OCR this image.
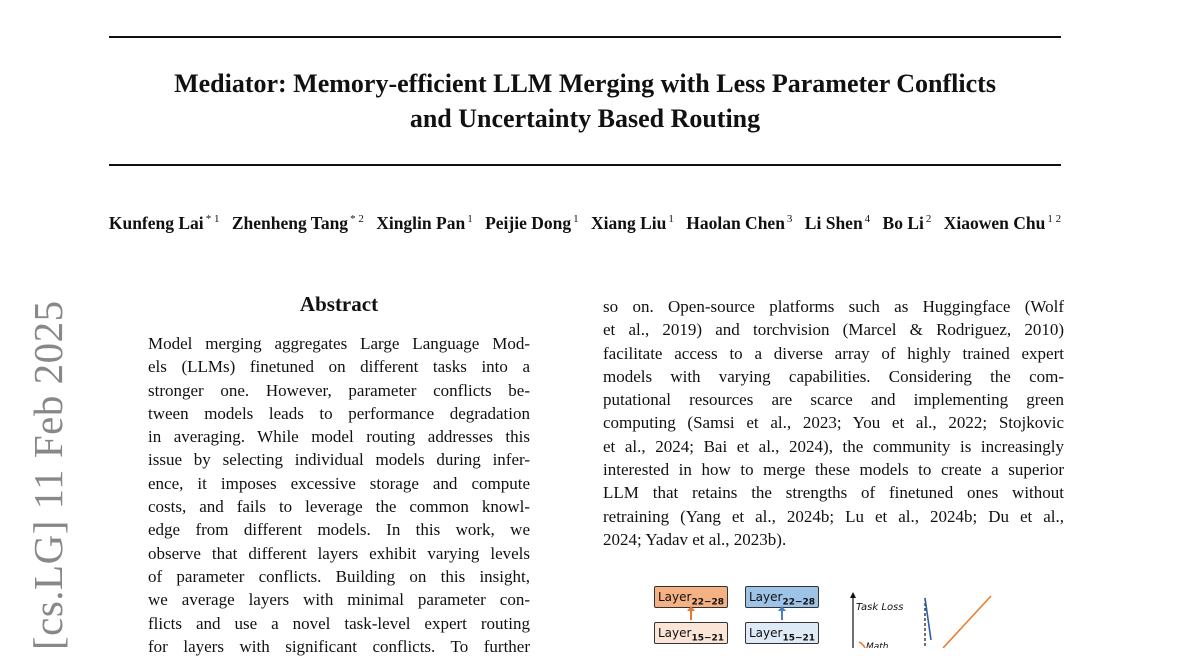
Mediator: Memory-efficient LLM Merging with Less Parameter Conflicts
and Uncertainty Based Routing
Kunfeng Lai $^{* 1}$ Zhenheng Tang $^{* 2}$ Xinglin Pan $^1$ Peijie Dong $^1$ Xiang Liu $^1$ Haolan Chen $^3$ Li Shen $^4$ Bo Li $^2$ Xiaowen Chu $^{1 2}$
[cs.LG] 11 Feb 2025	Abstract
Model merging aggregates Large Language Mod-
els (LLMs) finetuned on different tasks into a
stronger one. However, parameter conflicts be-
tween models leads to performance degradation
in averaging. While model routing addresses this
issue by selecting individual models during infer-
ence, it imposes excessive storage and compute
costs, and fails to leverage the common knowl-
edge from different models. In this work, we
observe that different layers exhibit varying levels
of parameter conflicts. Building on this insight,
we average layers with minimal parameter con-
flicts and use a novel task-level expert routing
for layers with significant conflicts. To further
so on. Open-source platforms such as Huggingface (Wolf
et al., 2019) and torchvision (Marcel & Rodriguez, 2010)
facilitate access to a diverse array of highly trained expert
models with varying capabilities. Considering the com-
putational resources are scarce and implementing green
computing (Samsi et al., 2023; You et al., 2022; Stojkovic
et al., 2024; Bai et al., 2024), the community is increasingly
interested in how to merge these models to create a superior
LLM that retains the strengths of finetuned ones without
retraining (Yang et al., 2024b; Lu et al., 2024b; Du et al.,
2024; Yadav et al., 2023b).
Layer$_{22-28}$
Layer$_{15-21}$
Layer$_{22-28}$
Layer$_{15-21}$
Task Loss
Math
